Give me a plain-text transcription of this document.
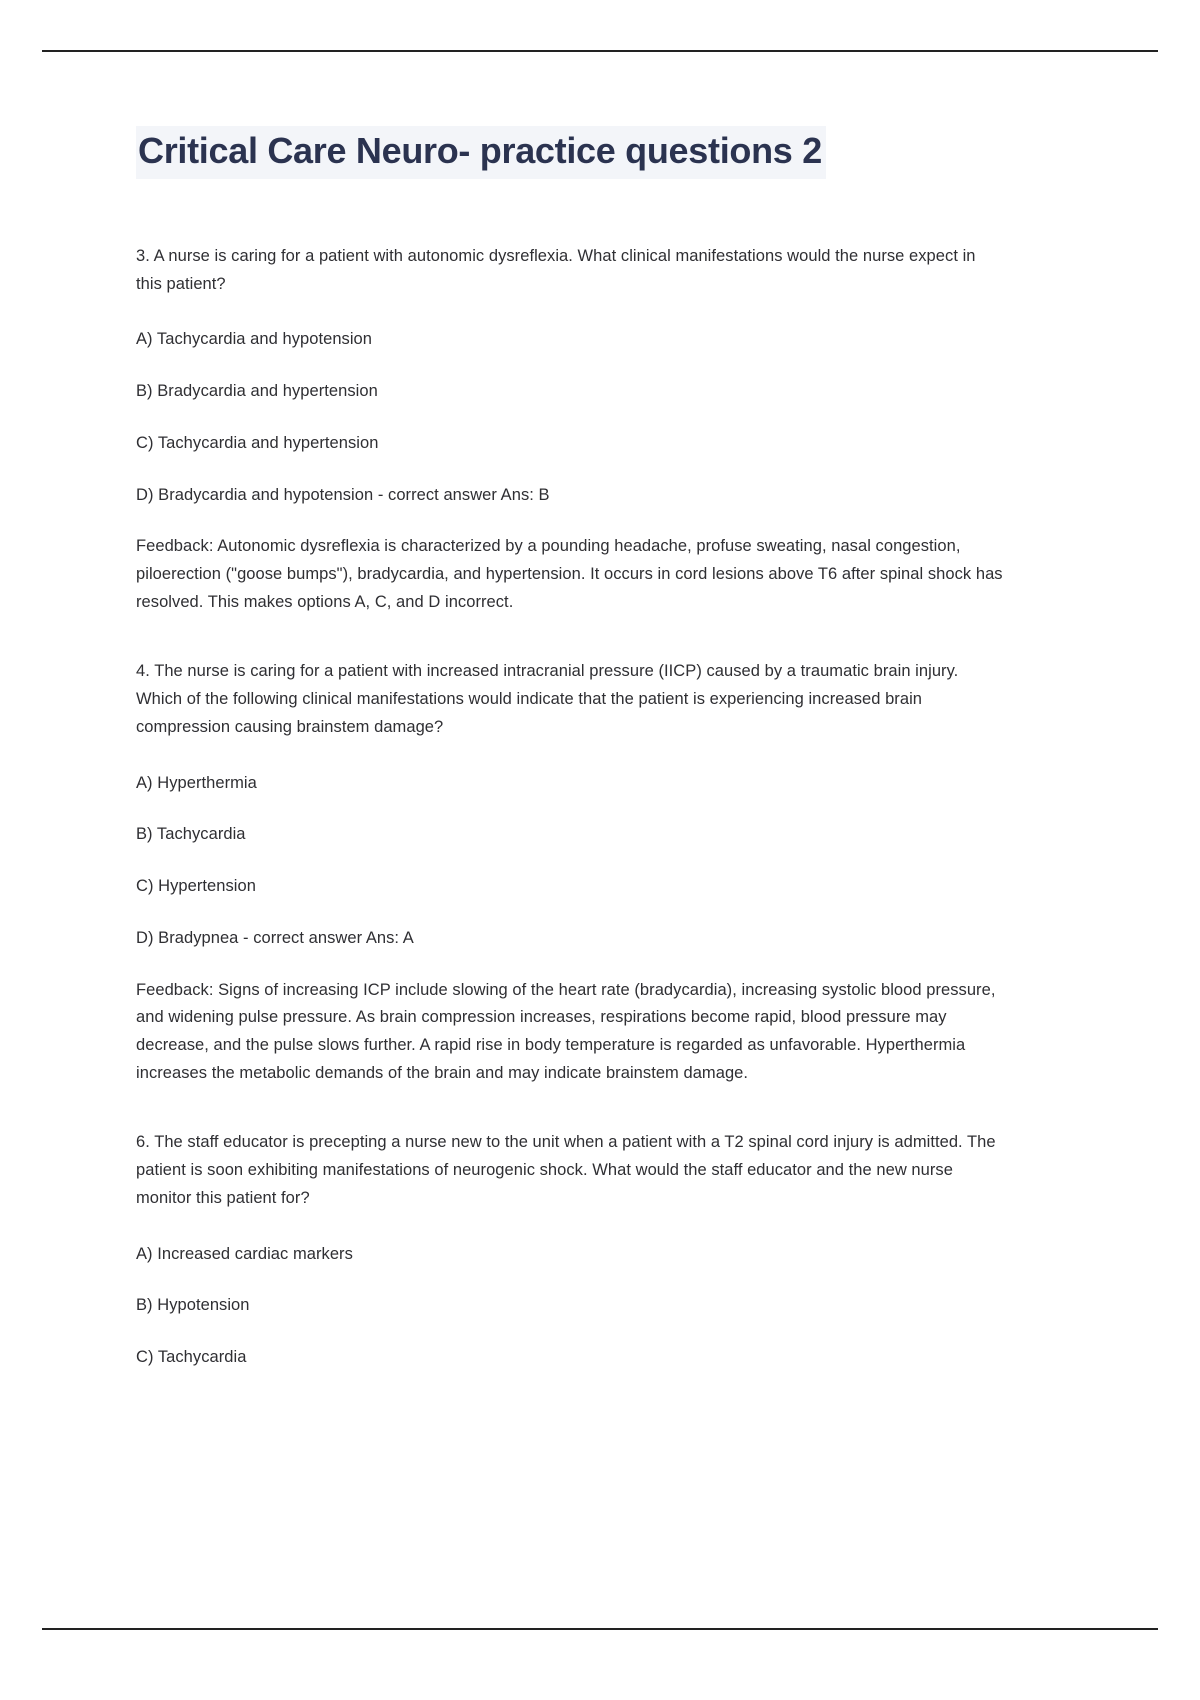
Critical Care Neuro- practice questions 2

3. A nurse is caring for a patient with autonomic dysreflexia. What clinical manifestations would the nurse expect in this patient?

A) Tachycardia and hypotension

B) Bradycardia and hypertension

C) Tachycardia and hypertension

D) Bradycardia and hypotension - correct answer Ans: B

Feedback: Autonomic dysreflexia is characterized by a pounding headache, profuse sweating, nasal congestion, piloerection ("goose bumps"), bradycardia, and hypertension. It occurs in cord lesions above T6 after spinal shock has resolved. This makes options A, C, and D incorrect.

4. The nurse is caring for a patient with increased intracranial pressure (IICP) caused by a traumatic brain injury. Which of the following clinical manifestations would indicate that the patient is experiencing increased brain compression causing brainstem damage?

A) Hyperthermia

B) Tachycardia

C) Hypertension

D) Bradypnea - correct answer Ans: A

Feedback: Signs of increasing ICP include slowing of the heart rate (bradycardia), increasing systolic blood pressure, and widening pulse pressure. As brain compression increases, respirations become rapid, blood pressure may decrease, and the pulse slows further. A rapid rise in body temperature is regarded as unfavorable. Hyperthermia increases the metabolic demands of the brain and may indicate brainstem damage.

6. The staff educator is precepting a nurse new to the unit when a patient with a T2 spinal cord injury is admitted. The patient is soon exhibiting manifestations of neurogenic shock. What would the staff educator and the new nurse monitor this patient for?

A) Increased cardiac markers

B) Hypotension

C) Tachycardia
